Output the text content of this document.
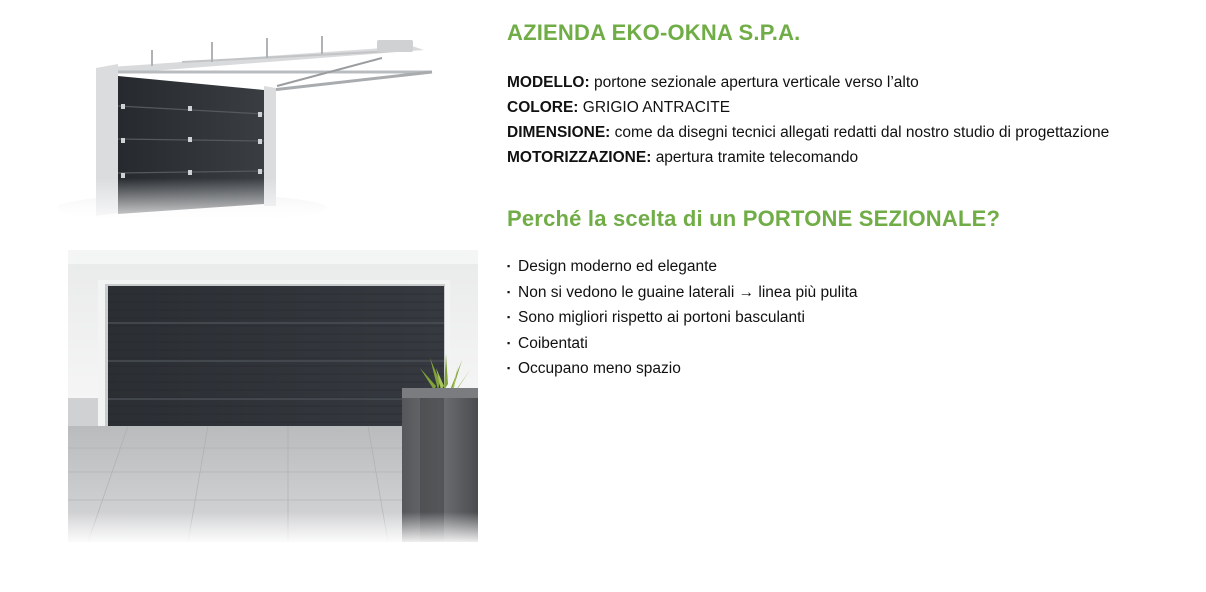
AZIENDA EKO-OKNA S.P.A.
MODELLO: portone sezionale apertura verticale verso l’alto
COLORE: GRIGIO ANTRACITE
DIMENSIONE: come da disegni tecnici allegati redatti dal nostro studio di progettazione
MOTORIZZAZIONE: apertura tramite telecomando
Perché la scelta di un PORTONE SEZIONALE?
▪ Design moderno ed elegante
▪ Non si vedono le guaine laterali → linea più pulita
▪ Sono migliori rispetto ai portoni basculanti
▪ Coibentati
▪ Occupano meno spazio
